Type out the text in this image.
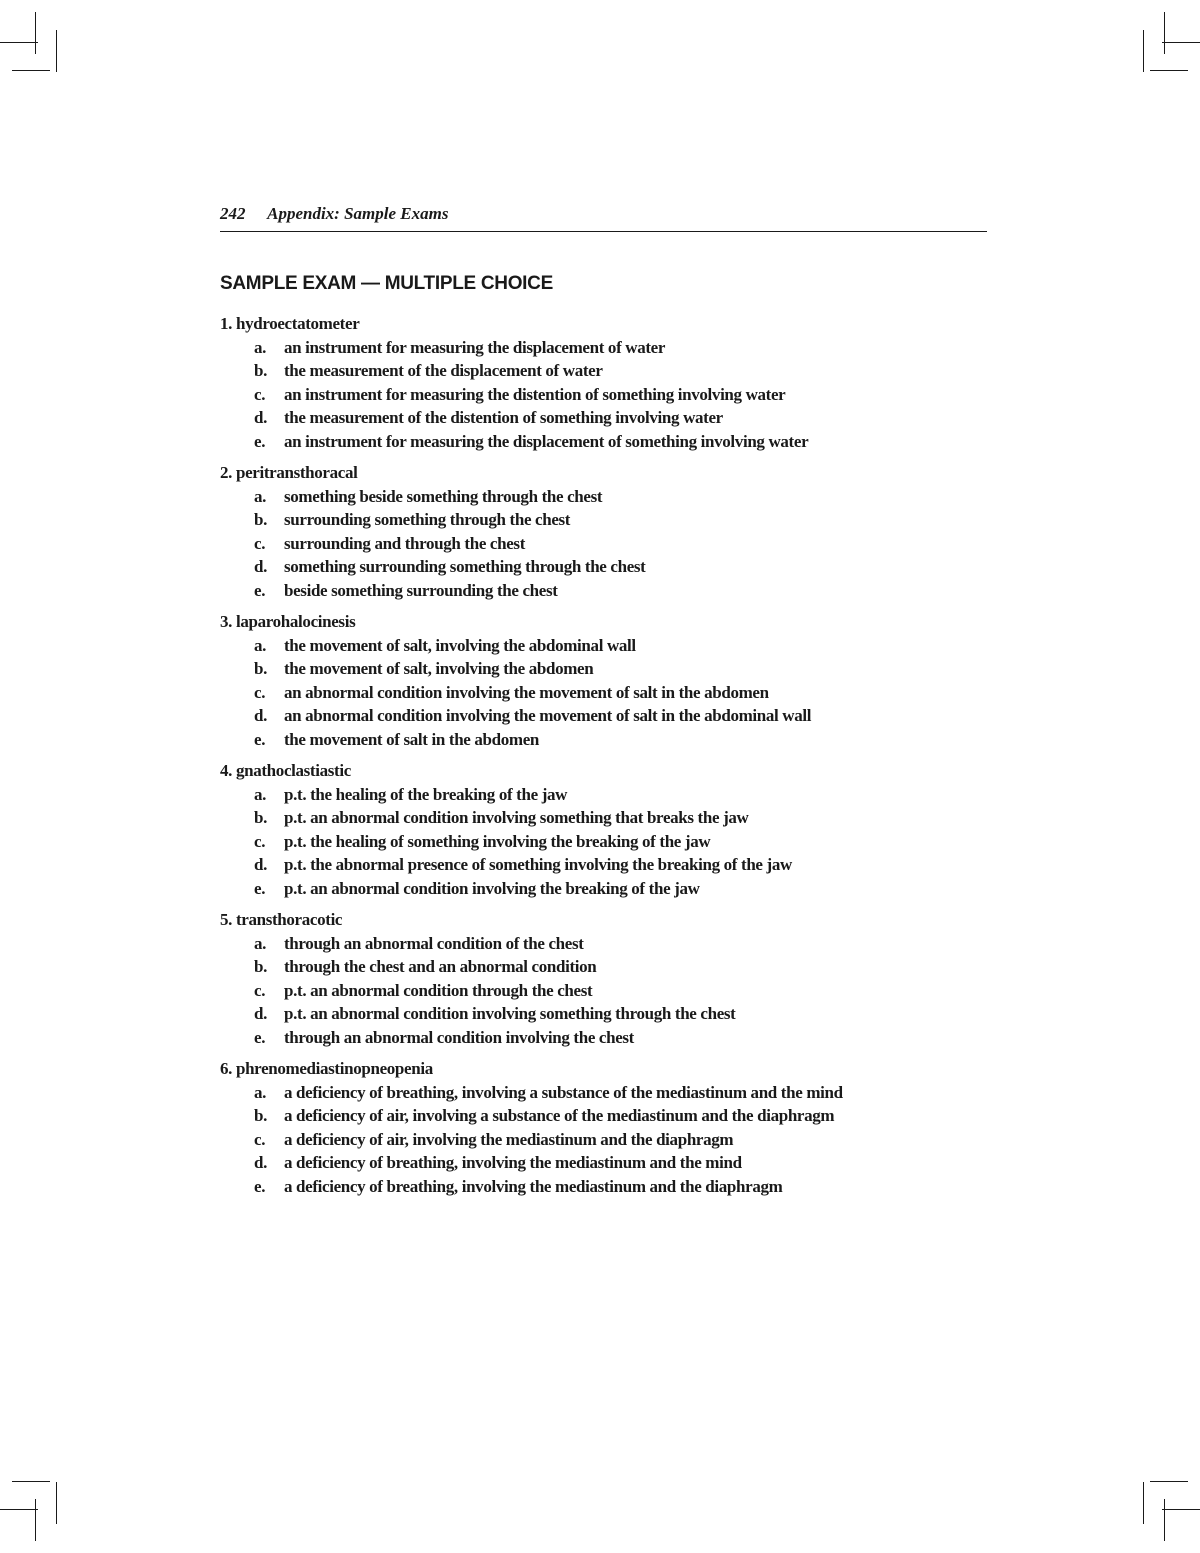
242 Appendix: Sample Exams
SAMPLE EXAM — MULTIPLE CHOICE
1. hydroectatometer
a. an instrument for measuring the displacement of water
b. the measurement of the displacement of water
c. an instrument for measuring the distention of something involving water
d. the measurement of the distention of something involving water
e. an instrument for measuring the displacement of something involving water
2. peritransthoracal
a. something beside something through the chest
b. surrounding something through the chest
c. surrounding and through the chest
d. something surrounding something through the chest
e. beside something surrounding the chest
3. laparohalocinesis
a. the movement of salt, involving the abdominal wall
b. the movement of salt, involving the abdomen
c. an abnormal condition involving the movement of salt in the abdomen
d. an abnormal condition involving the movement of salt in the abdominal wall
e. the movement of salt in the abdomen
4. gnathoclastiastic
a. p.t. the healing of the breaking of the jaw
b. p.t. an abnormal condition involving something that breaks the jaw
c. p.t. the healing of something involving the breaking of the jaw
d. p.t. the abnormal presence of something involving the breaking of the jaw
e. p.t. an abnormal condition involving the breaking of the jaw
5. transthoracotic
a. through an abnormal condition of the chest
b. through the chest and an abnormal condition
c. p.t. an abnormal condition through the chest
d. p.t. an abnormal condition involving something through the chest
e. through an abnormal condition involving the chest
6. phrenomediastinopneopenia
a. a deficiency of breathing, involving a substance of the mediastinum and the mind
b. a deficiency of air, involving a substance of the mediastinum and the diaphragm
c. a deficiency of air, involving the mediastinum and the diaphragm
d. a deficiency of breathing, involving the mediastinum and the mind
e. a deficiency of breathing, involving the mediastinum and the diaphragm
